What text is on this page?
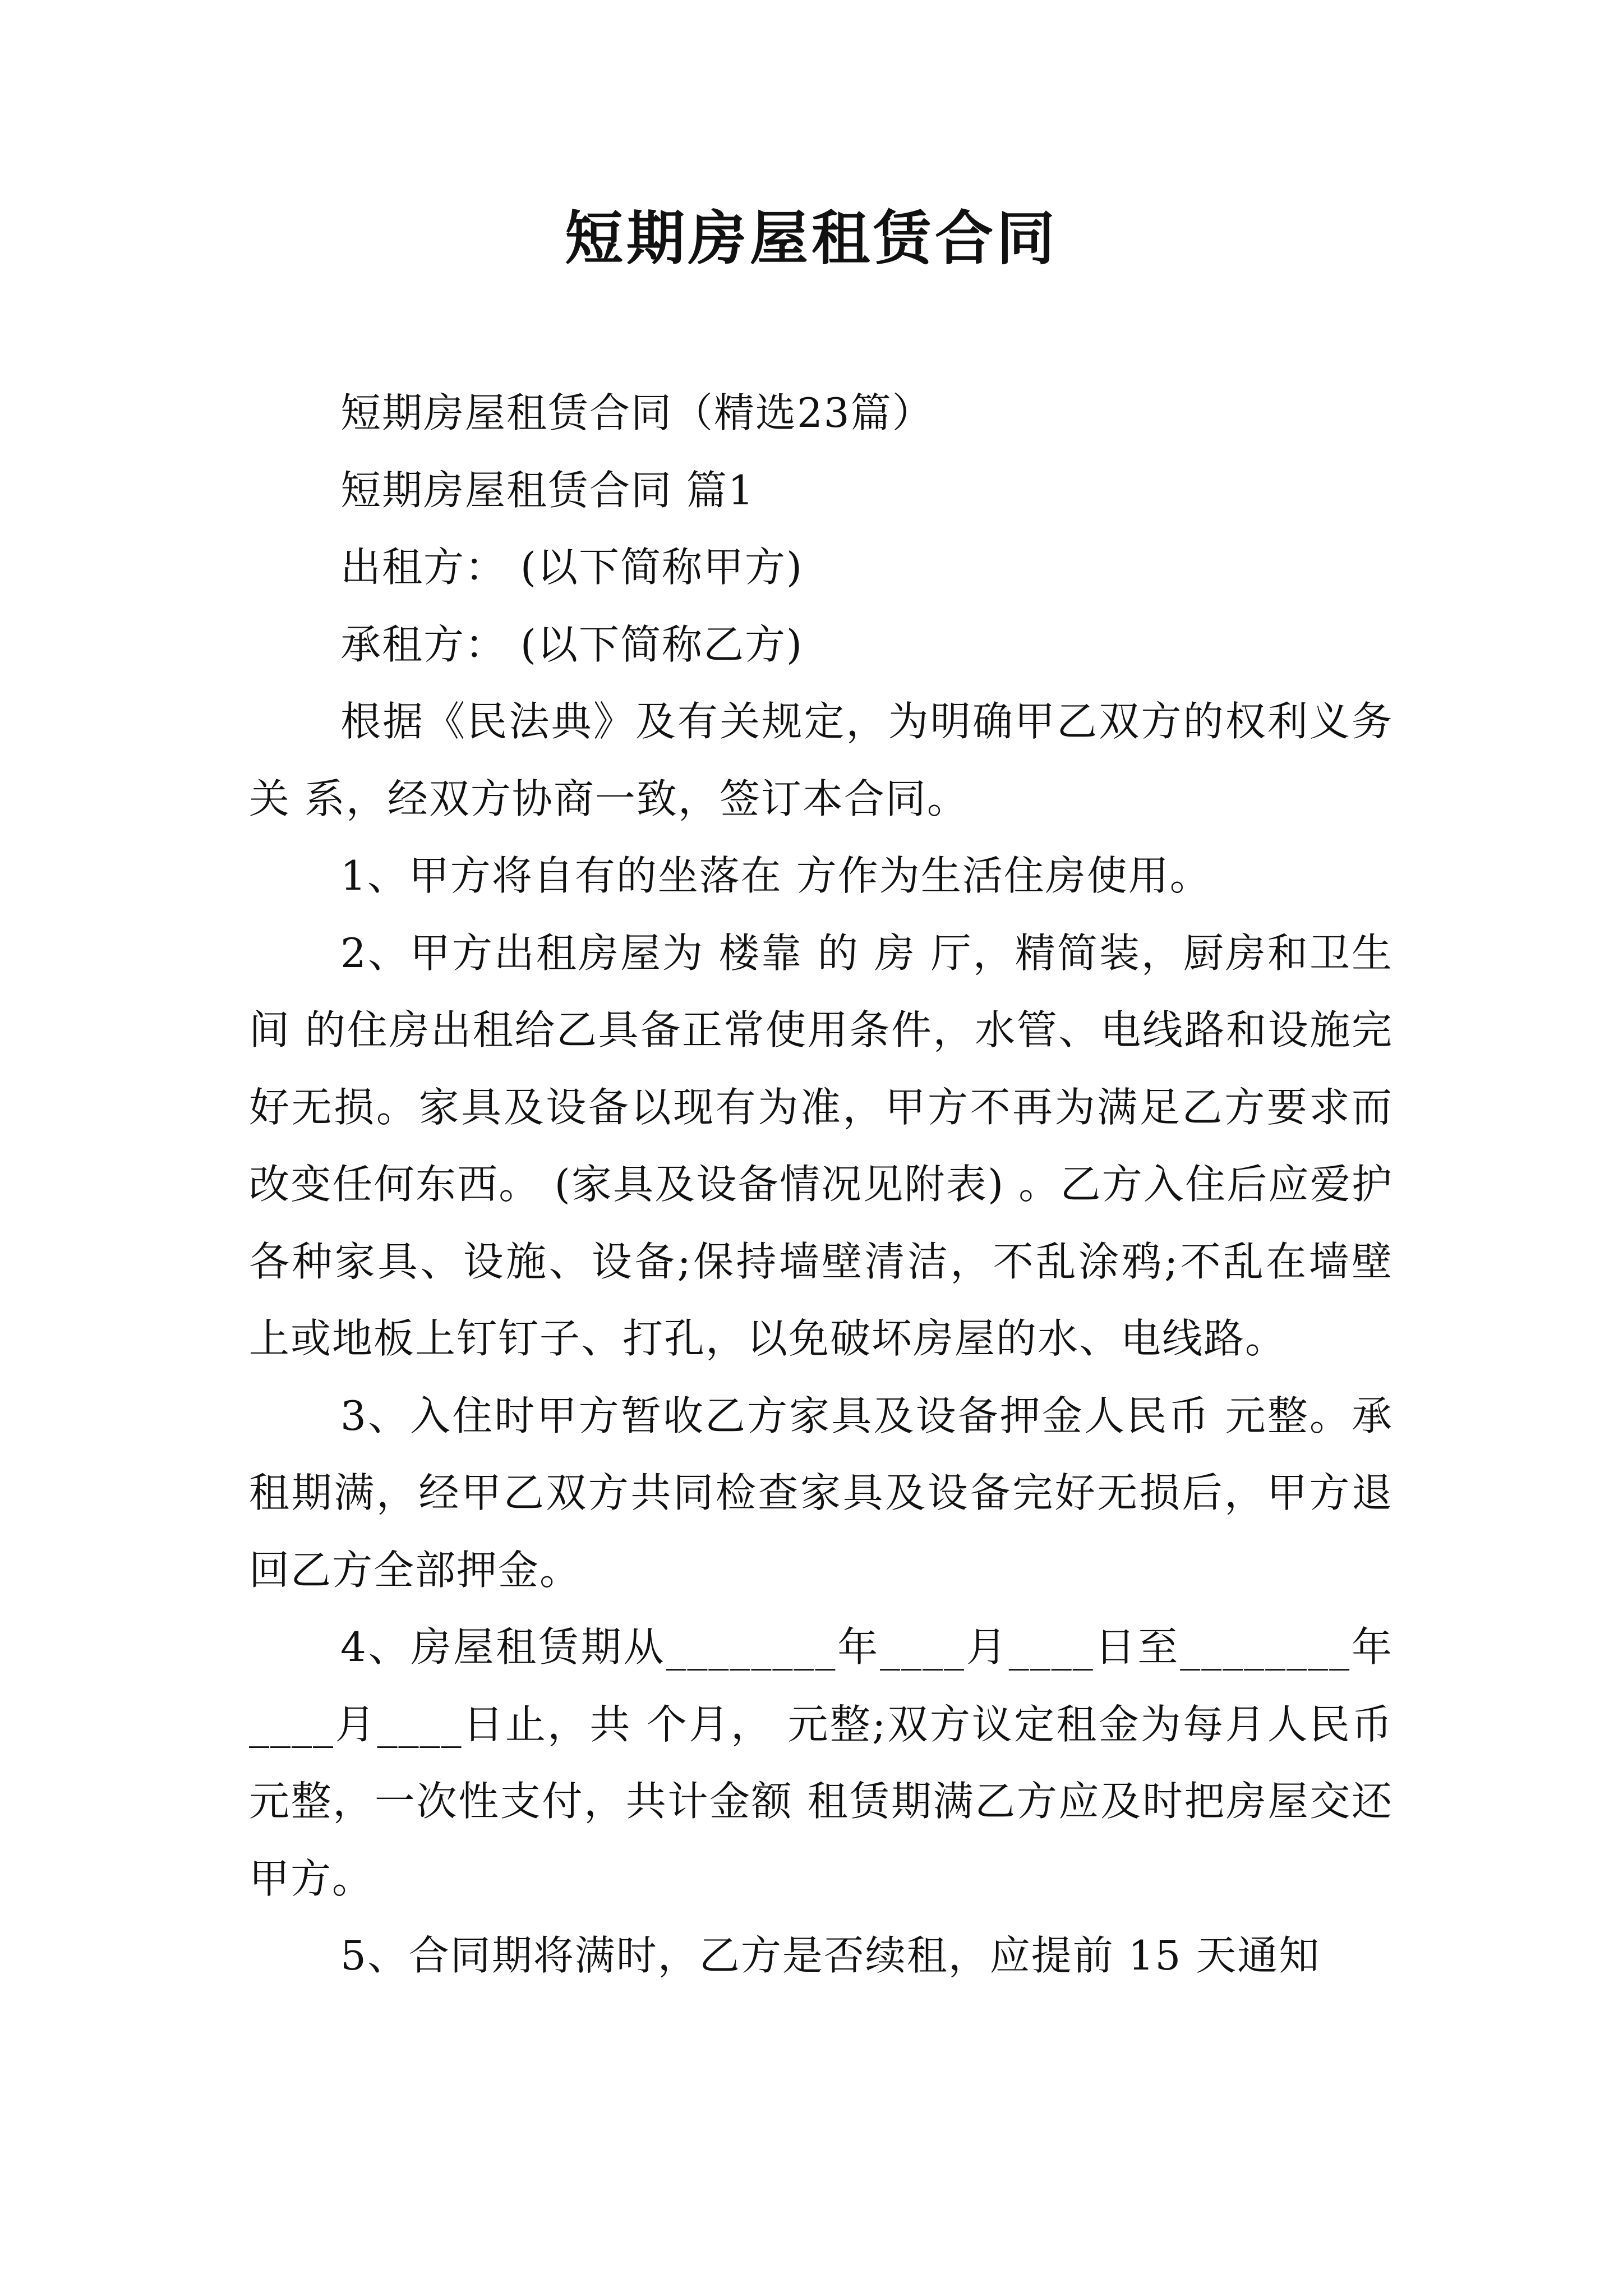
短期房屋租赁合同

短期房屋租赁合同（精选23篇）

短期房屋租赁合同 篇1

出租方： (以下简称甲方)

承租方： (以下简称乙方)

根据《民法典》及有关规定，为明确甲乙双方的权利义务关 系，经双方协商一致，签订本合同。

1、甲方将自有的坐落在 方作为生活住房使用。

2、甲方出租房屋为 楼靠 的 房 厅，精简装，厨房和卫生间 的住房出租给乙具备正常使用条件，水管、电线路和设施完好无损。家具及设备以现有为准，甲方不再为满足乙方要求而改变任何东西。 (家具及设备情况见附表) 。乙方入住后应爱护各种家具、设施、设备;保持墙壁清洁，不乱涂鸦;不乱在墙壁上或地板上钉钉子、打孔，以免破坏房屋的水、电线路。

3、入住时甲方暂收乙方家具及设备押金人民币 元整。承租期满，经甲乙双方共同检查家具及设备完好无损后，甲方退回乙方全部押金。

4、房屋租赁期从________年____月____日至________年____月____日止，共 个月， 元整;双方议定租金为每月人民币元整，一次性支付，共计金额 租赁期满乙方应及时把房屋交还甲方。

5、合同期将满时，乙方是否续租，应提前 15 天通知
